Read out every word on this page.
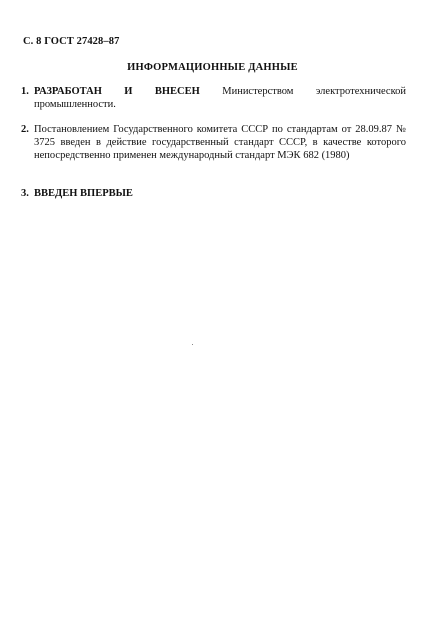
С. 8 ГОСТ 27428–87
ИНФОРМАЦИОННЫЕ ДАННЫЕ
1. РАЗРАБОТАН И ВНЕСЕН Министерством электротехнической промышленности.
2. Постановлением Государственного комитета СССР по стандартам от 28.09.87 № 3725 введен в действие государственный стандарт СССР, в качестве которого непосредственно применен международный стандарт МЭК 682 (1980)
3. ВВЕДЕН ВПЕРВЫЕ
